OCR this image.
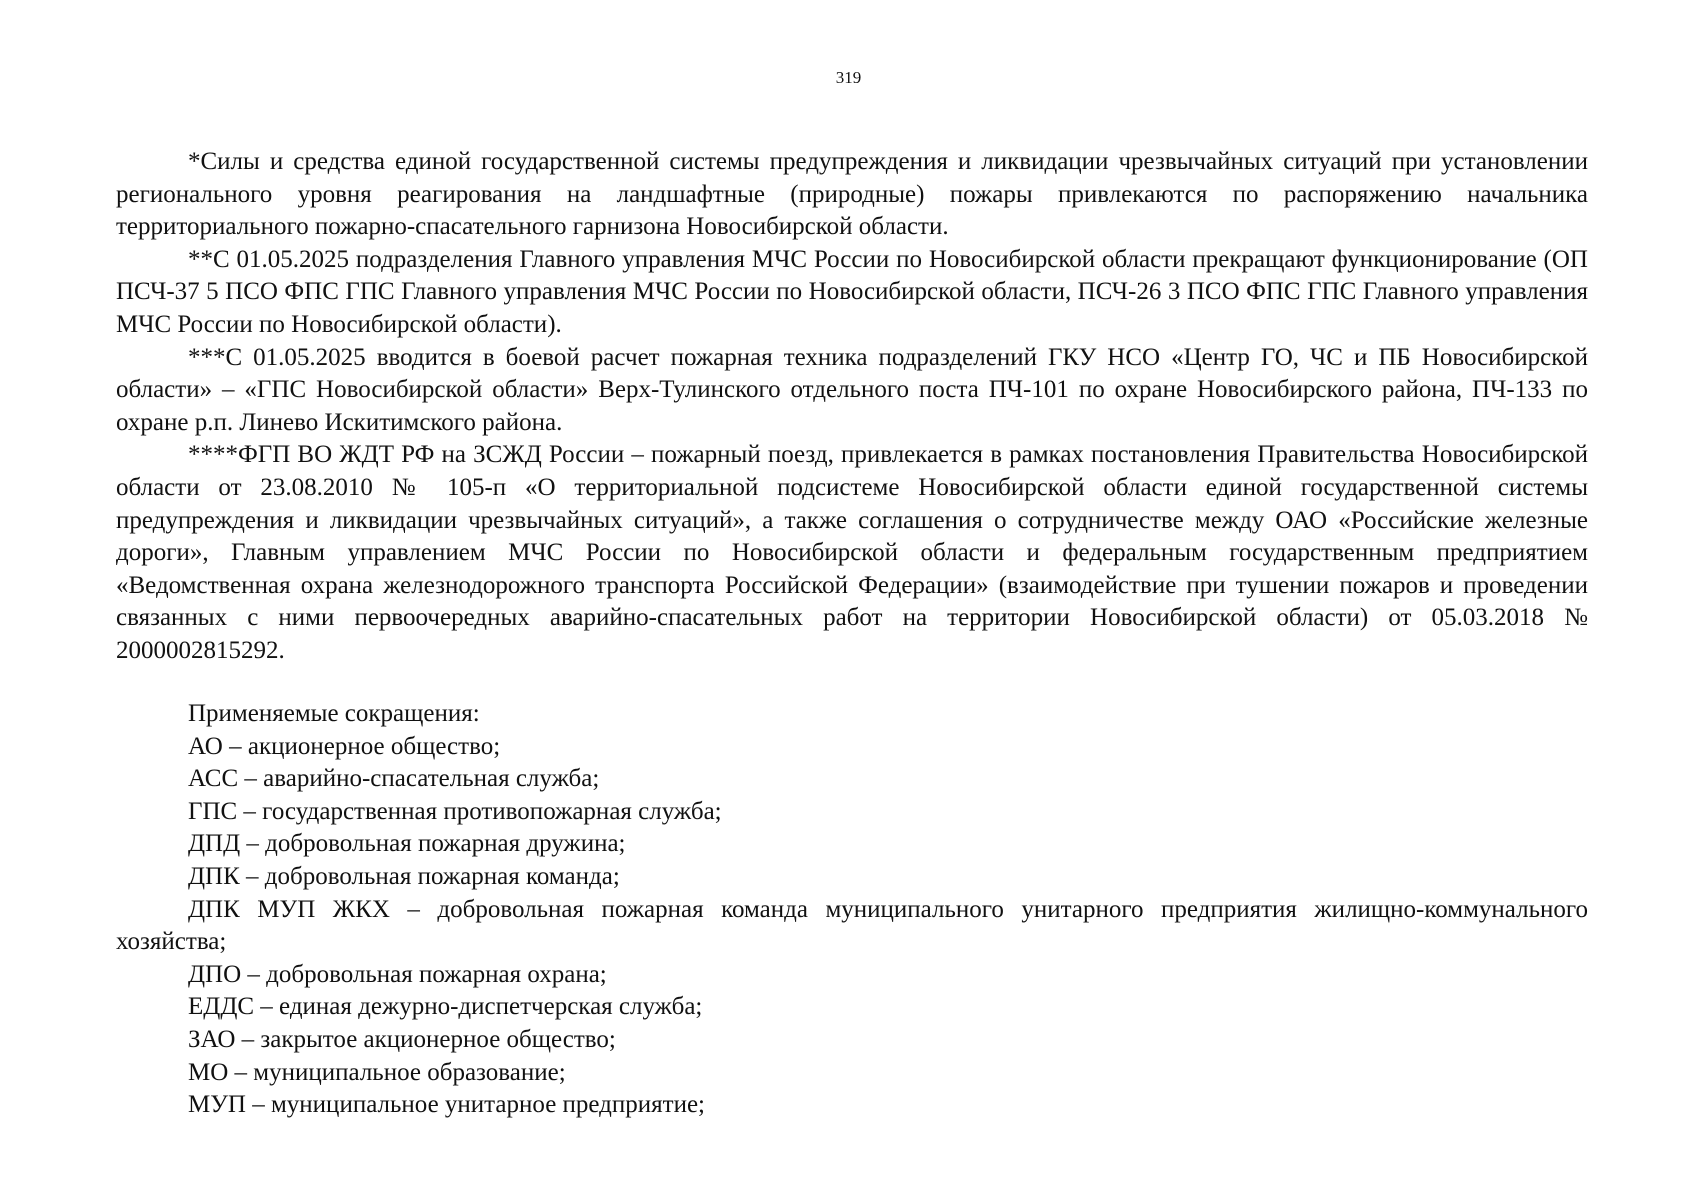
319

*Силы и средства единой государственной системы предупреждения и ликвидации чрезвычайных ситуаций при установлении регионального уровня реагирования на ландшафтные (природные) пожары привлекаются по распоряжению начальника территориального пожарно-спасательного гарнизона Новосибирской области.

**С 01.05.2025 подразделения Главного управления МЧС России по Новосибирской области прекращают функционирование (ОП ПСЧ-37 5 ПСО ФПС ГПС Главного управления МЧС России по Новосибирской области, ПСЧ-26 3 ПСО ФПС ГПС Главного управления МЧС России по Новосибирской области).

***С 01.05.2025 вводится в боевой расчет пожарная техника подразделений ГКУ НСО «Центр ГО, ЧС и ПБ Новосибирской области» – «ГПС Новосибирской области» Верх-Тулинского отдельного поста ПЧ-101 по охране Новосибирского района, ПЧ-133 по охране р.п. Линево Искитимского района.

****ФГП ВО ЖДТ РФ на ЗСЖД России – пожарный поезд, привлекается в рамках постановления Правительства Новосибирской области от 23.08.2010 № 105-п «О территориальной подсистеме Новосибирской области единой государственной системы предупреждения и ликвидации чрезвычайных ситуаций», а также соглашения о сотрудничестве между ОАО «Российские железные дороги», Главным управлением МЧС России по Новосибирской области и федеральным государственным предприятием «Ведомственная охрана железнодорожного транспорта Российской Федерации» (взаимодействие при тушении пожаров и проведении связанных с ними первоочередных аварийно-спасательных работ на территории Новосибирской области) от 05.03.2018 № 2000002815292.

Применяемые сокращения:

АО – акционерное общество;
АСС – аварийно-спасательная служба;
ГПС – государственная противопожарная служба;
ДПД – добровольная пожарная дружина;
ДПК – добровольная пожарная команда;
ДПК МУП ЖКХ – добровольная пожарная команда муниципального унитарного предприятия жилищно-коммунального хозяйства;
ДПО – добровольная пожарная охрана;
ЕДДС – единая дежурно-диспетчерская служба;
ЗАО – закрытое акционерное общество;
МО – муниципальное образование;
МУП – муниципальное унитарное предприятие;
